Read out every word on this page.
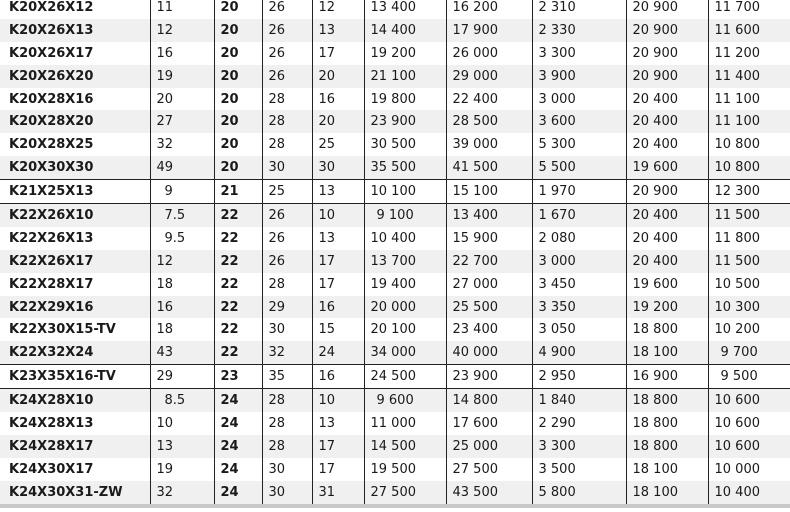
K20X26X12	11	20	26	12	13 400	16 200	2 310	20 900	11 700
K20X26X13	12	20	26	13	14 400	17 900	2 330	20 900	11 600
K20X26X17	16	20	26	17	19 200	26 000	3 300	20 900	11 200
K20X26X20	19	20	26	20	21 100	29 000	3 900	20 900	11 400
K20X28X16	20	20	28	16	19 800	22 400	3 000	20 400	11 100
K20X28X20	27	20	28	20	23 900	28 500	3 600	20 400	11 100
K20X28X25	32	20	28	25	30 500	39 000	5 300	20 400	10 800
K20X30X30	49	20	30	30	35 500	41 500	5 500	19 600	10 800
K21X25X13	9	21	25	13	10 100	15 100	1 970	20 900	12 300
K22X26X10	7.5	22	26	10	9 100	13 400	1 670	20 400	11 500
K22X26X13	9.5	22	26	13	10 400	15 900	2 080	20 400	11 800
K22X26X17	12	22	26	17	13 700	22 700	3 000	20 400	11 500
K22X28X17	18	22	28	17	19 400	27 000	3 450	19 600	10 500
K22X29X16	16	22	29	16	20 000	25 500	3 350	19 200	10 300
K22X30X15-TV	18	22	30	15	20 100	23 400	3 050	18 800	10 200
K22X32X24	43	22	32	24	34 000	40 000	4 900	18 100	9 700
K23X35X16-TV	29	23	35	16	24 500	23 900	2 950	16 900	9 500
K24X28X10	8.5	24	28	10	9 600	14 800	1 840	18 800	10 600
K24X28X13	10	24	28	13	11 000	17 600	2 290	18 800	10 600
K24X28X17	13	24	28	17	14 500	25 000	3 300	18 800	10 600
K24X30X17	19	24	30	17	19 500	27 500	3 500	18 100	10 000
K24X30X31-ZW	32	24	30	31	27 500	43 500	5 800	18 100	10 400
